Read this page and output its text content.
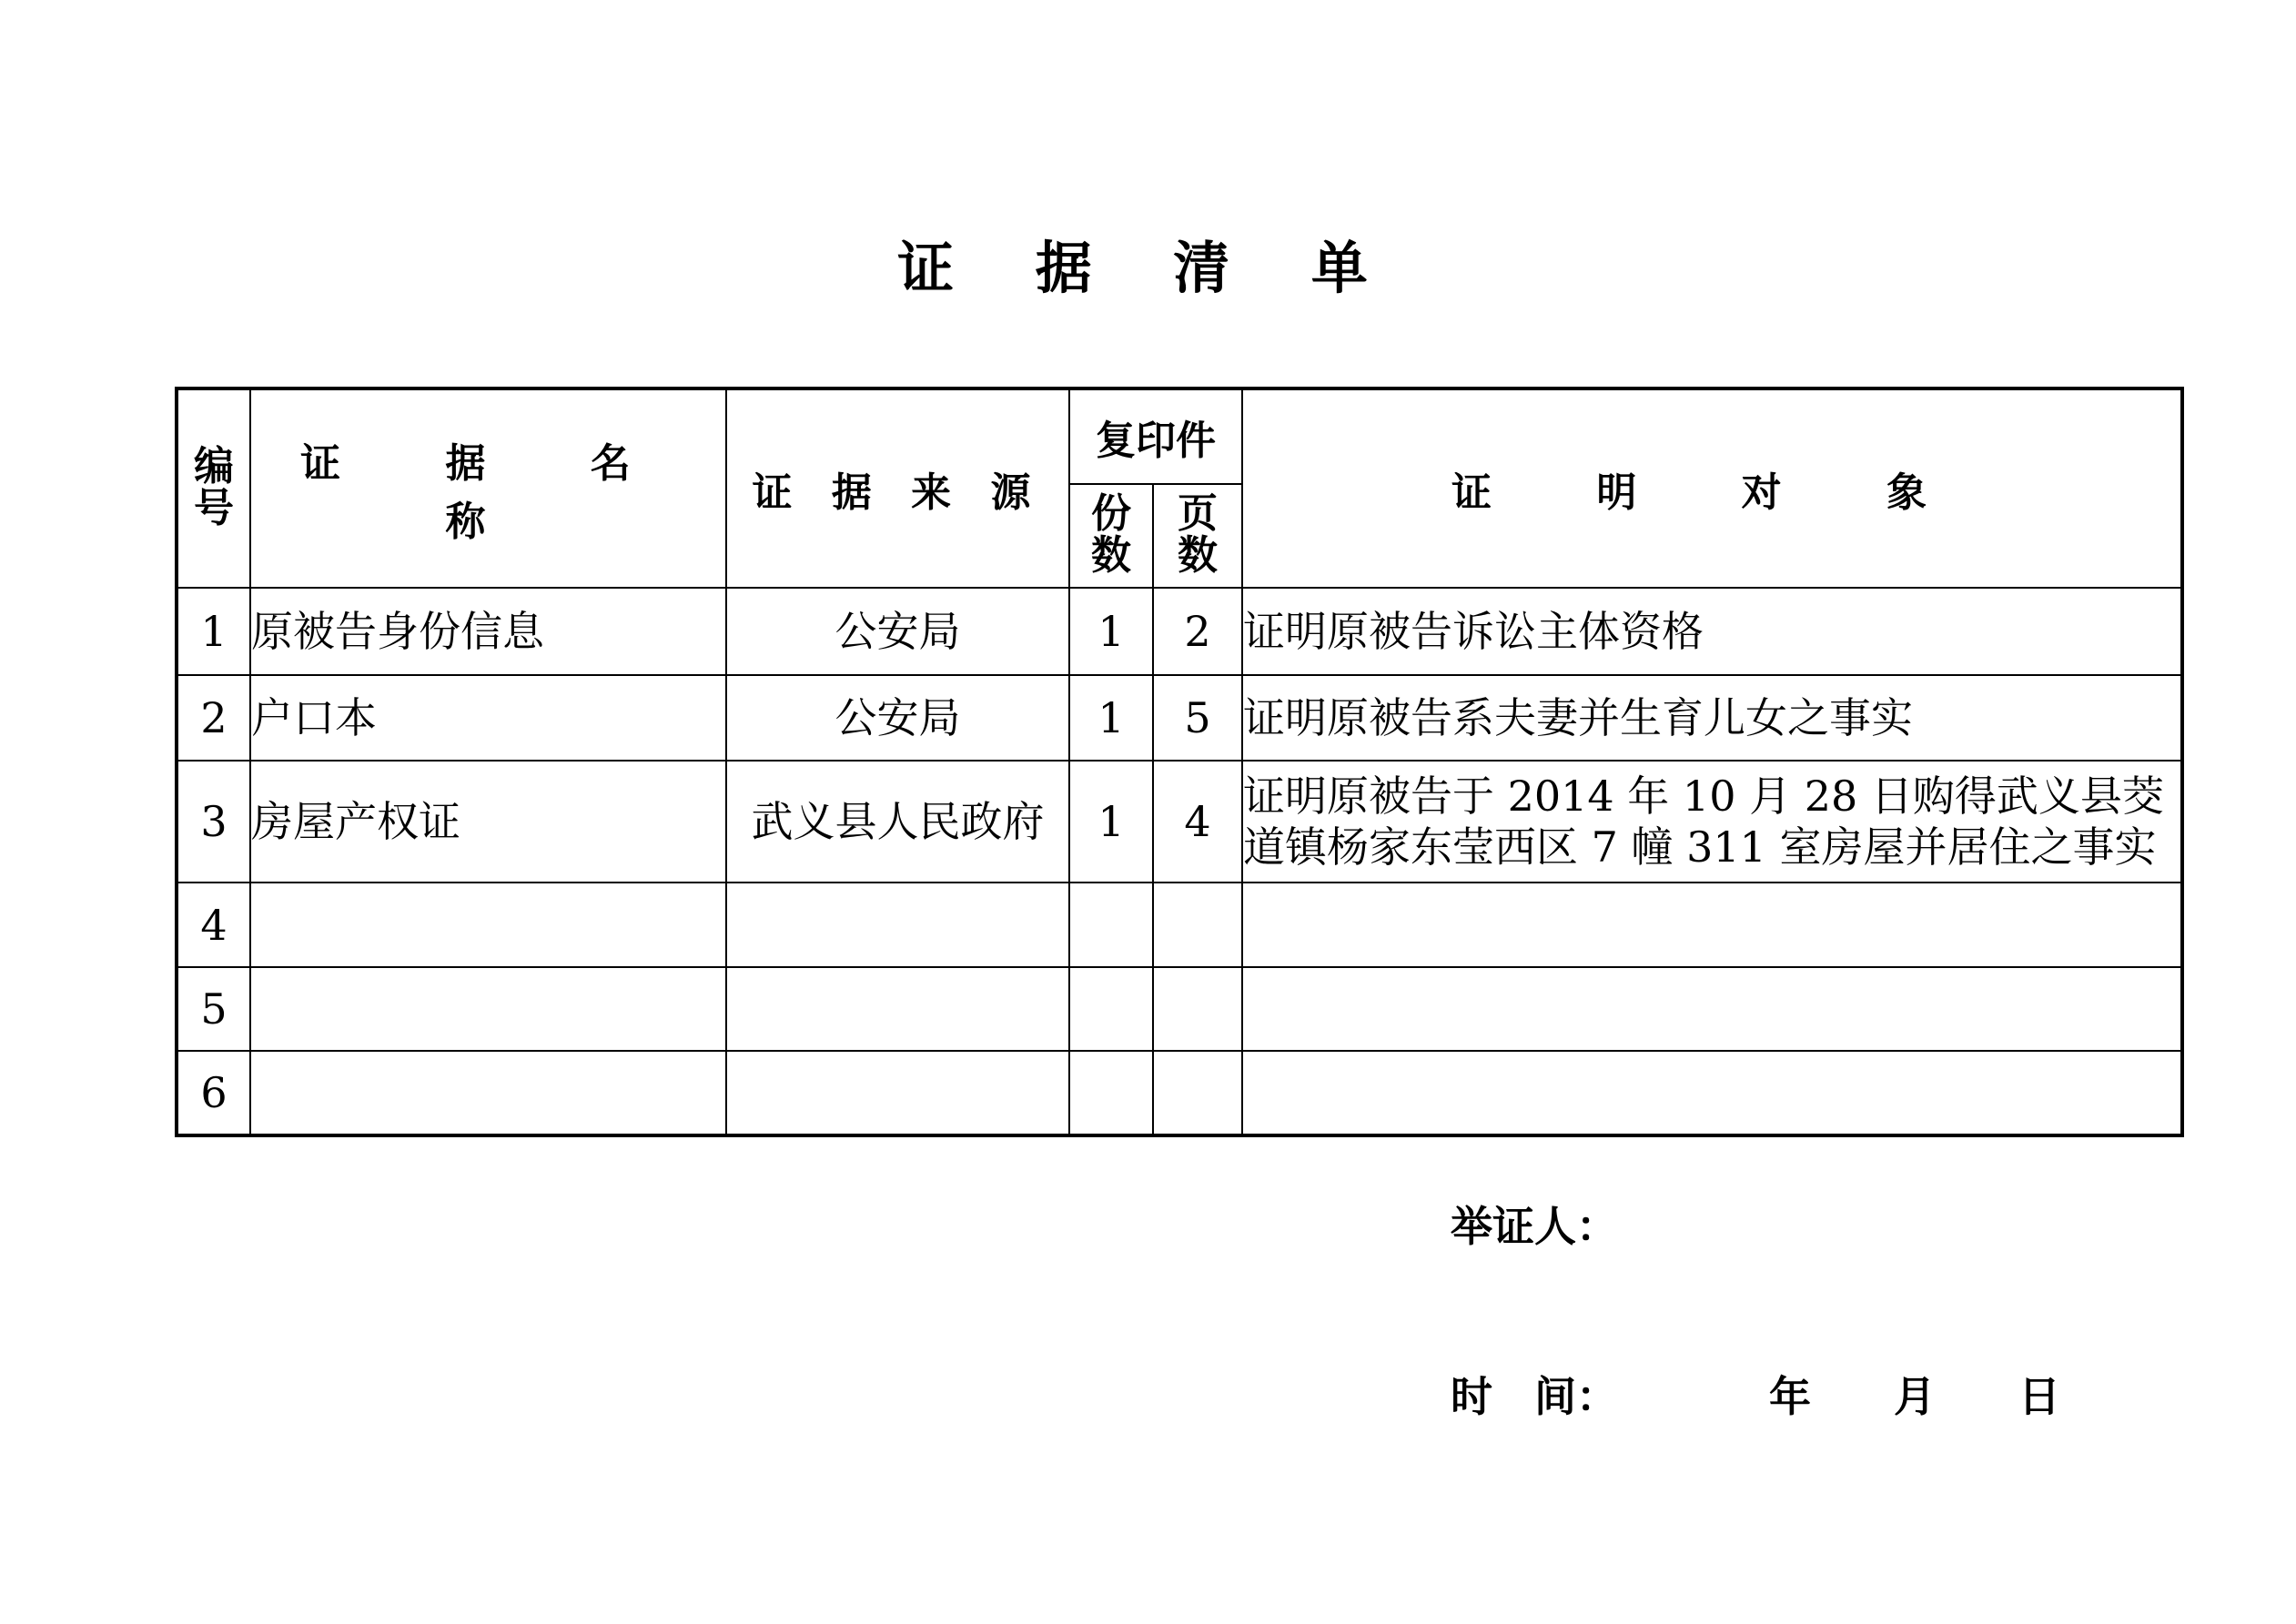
证 据 清 单
编号	证 据 名 称	证 据 来 源	复印件		证 明 对 象
			份数	页数	
1	原被告身份信息	公安局	1	2	证明原被告诉讼主体资格
2	户口本	公安局	1	5	证明原被告系夫妻并生育儿女之事实
3	房屋产权证	武义县人民政府	1	4	证明原被告于 2014 年 10 月 28 日购得武义县茭道镇杨家东莹西区 7 幢 311 室房屋并居住之事实
4					
5					
6					
举证人：
时　间：	年 月 日
